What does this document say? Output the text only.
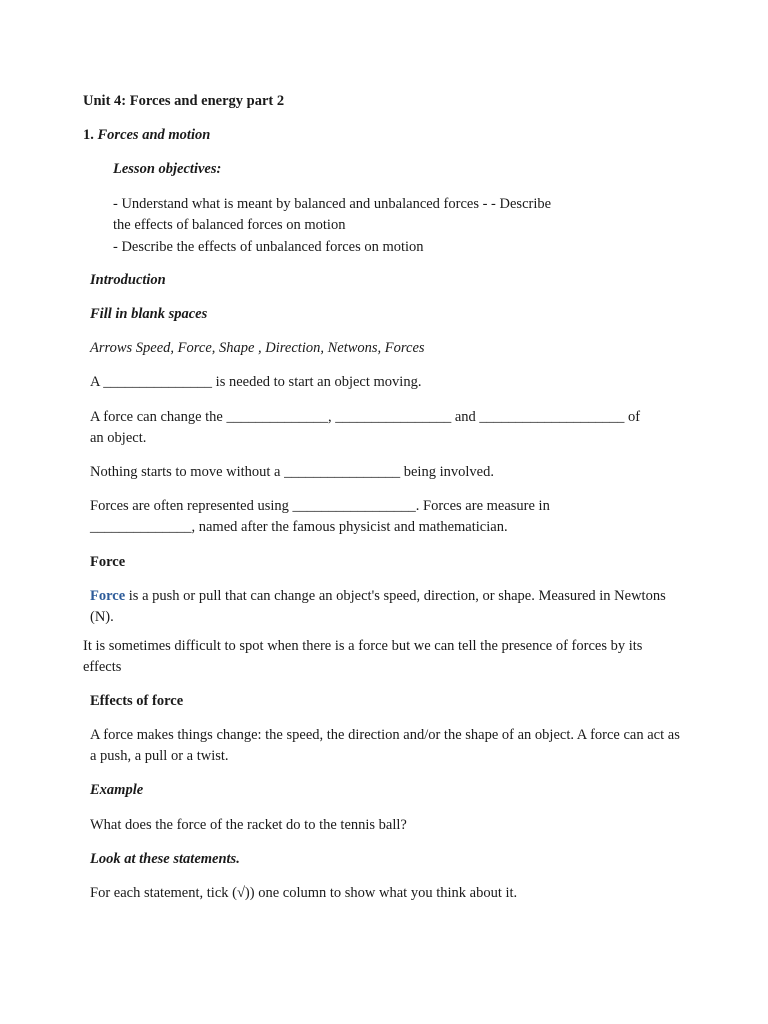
Unit 4: Forces and energy part 2

1. Forces and motion

Lesson objectives:

- Understand what is meant by balanced and unbalanced forces - - Describe
the effects of balanced forces on motion
- Describe the effects of unbalanced forces on motion

Introduction

Fill in blank spaces

Arrows Speed, Force, Shape , Direction, Netwons, Forces

A _______________ is needed to start an object moving.

A force can change the ______________, ________________ and ____________________ of
an object.

Nothing starts to move without a ________________ being involved.

Forces are often represented using _________________. Forces are measure in
______________, named after the famous physicist and mathematician.

Force

Force is a push or pull that can change an object's speed, direction, or shape. Measured in Newtons (N).

It is sometimes difficult to spot when there is a force but we can tell the presence of forces by its effects

Effects of force

A force makes things change: the speed, the direction and/or the shape of an object. A force can act as a push, a pull or a twist.

Example

What does the force of the racket do to the tennis ball?

Look at these statements.

For each statement, tick (√)) one column to show what you think about it.
